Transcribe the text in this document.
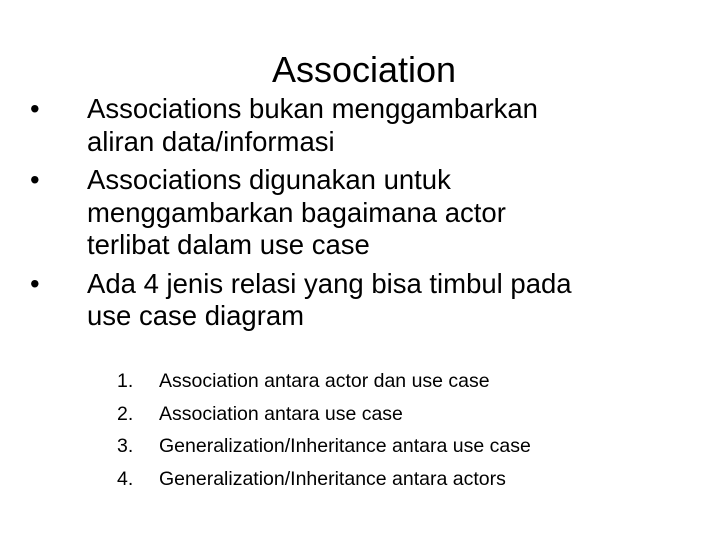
Association
• Associations bukan menggambarkan
aliran data/informasi
• Associations digunakan untuk
menggambarkan bagaimana actor
terlibat dalam use case
• Ada 4 jenis relasi yang bisa timbul pada
use case diagram
1. Association antara actor dan use case
2. Association antara use case
3. Generalization/Inheritance antara use case
4. Generalization/Inheritance antara actors
